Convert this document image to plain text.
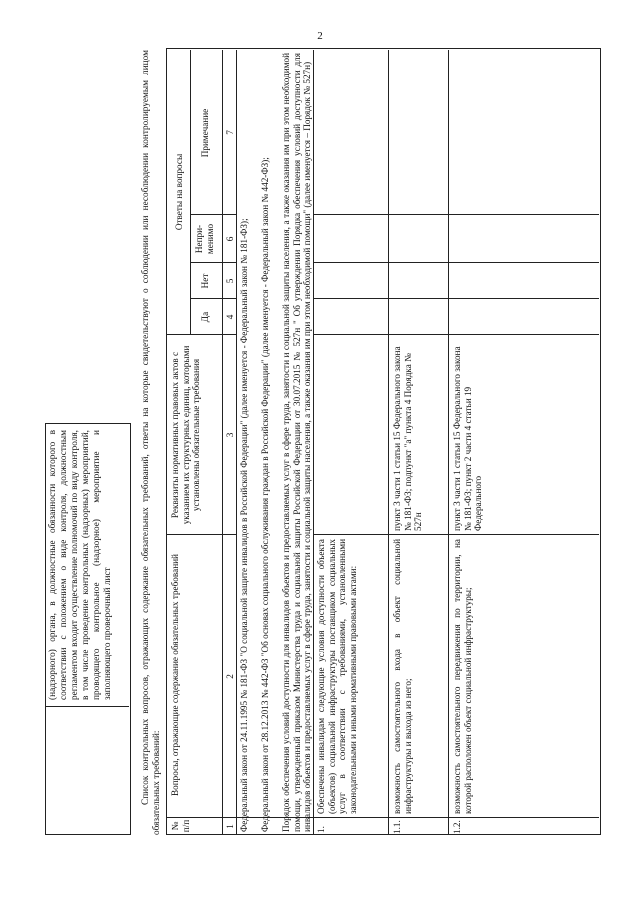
2
(надзорного) органа, в должностные обязанности которого в соответствии с положением о виде контроля, должностным регламентом входит осуществление полномочий по виду контроля, в том числе проведение контрольных (надзорных) мероприятий, проводящего контрольное (надзорное) мероприятие и заполняющего проверочный лист	Список контрольных вопросов, отражающих содержание обязательных требований, ответы на которые свидетельствуют о соблюдении или несоблюдении контролируемым лицом обязательных требований: № п/п
Вопросы, отражающие содержание обязательных требований
Реквизиты нормативных правовых актов с указанием их структурных единиц, которыми установлены обязательные требования
Ответы на вопросы
Да
Нет
Непри-менимо
Примечание
1
2
3
4
5
6
7
Федеральный закон от 24.11.1995 № 181-ФЗ "О социальной защите инвалидов в Российской Федерации" (далее именуется - Федеральный закон № 181-ФЗ); Федеральный закон от 28.12.2013 № 442-ФЗ "Об основах социального обслуживания граждан в Российской Федерации" (далее именуется - Федеральный закон № 442-ФЗ); Порядок обеспечения условий доступности для инвалидов объектов и предоставляемых услуг в сфере труда, занятости и социальной защиты населения, а также оказания им при этом необходимой помощи, утвержденный приказом Министерства труда и социальной защиты Российской Федерации от 30.07.2015 № 527н " Об утверждении Порядка обеспечения условий доступности для инвалидов объектов и предоставляемых услуг в сфере труда, занятости и социальной защиты населения, а также оказания им при этом необходимой помощи" (далее именуется – Порядок № 527н) 1.
Обеспечены инвалидам следующие условия доступности объекта (объектов) социальной инфраструктуры поставщиком социальных услуг в соответствии с требованиями, установленными законодательными и иными нормативными правовыми актами:
1.1.
возможность самостоятельного входа в объект социальной инфраструктуры и выхода из него;
пункт 3 части 1 статьи 15 Федерального закона № 181-ФЗ; подпункт "а" пункта 4 Порядка № 527н
1.2.
возможность самостоятельного передвижения по территории, на которой расположен объект социальной инфраструктуры;
пункт 3 части 1 статьи 15 Федерального закона № 181-ФЗ; пункт 2 части 4 статьи 19 Федерального
